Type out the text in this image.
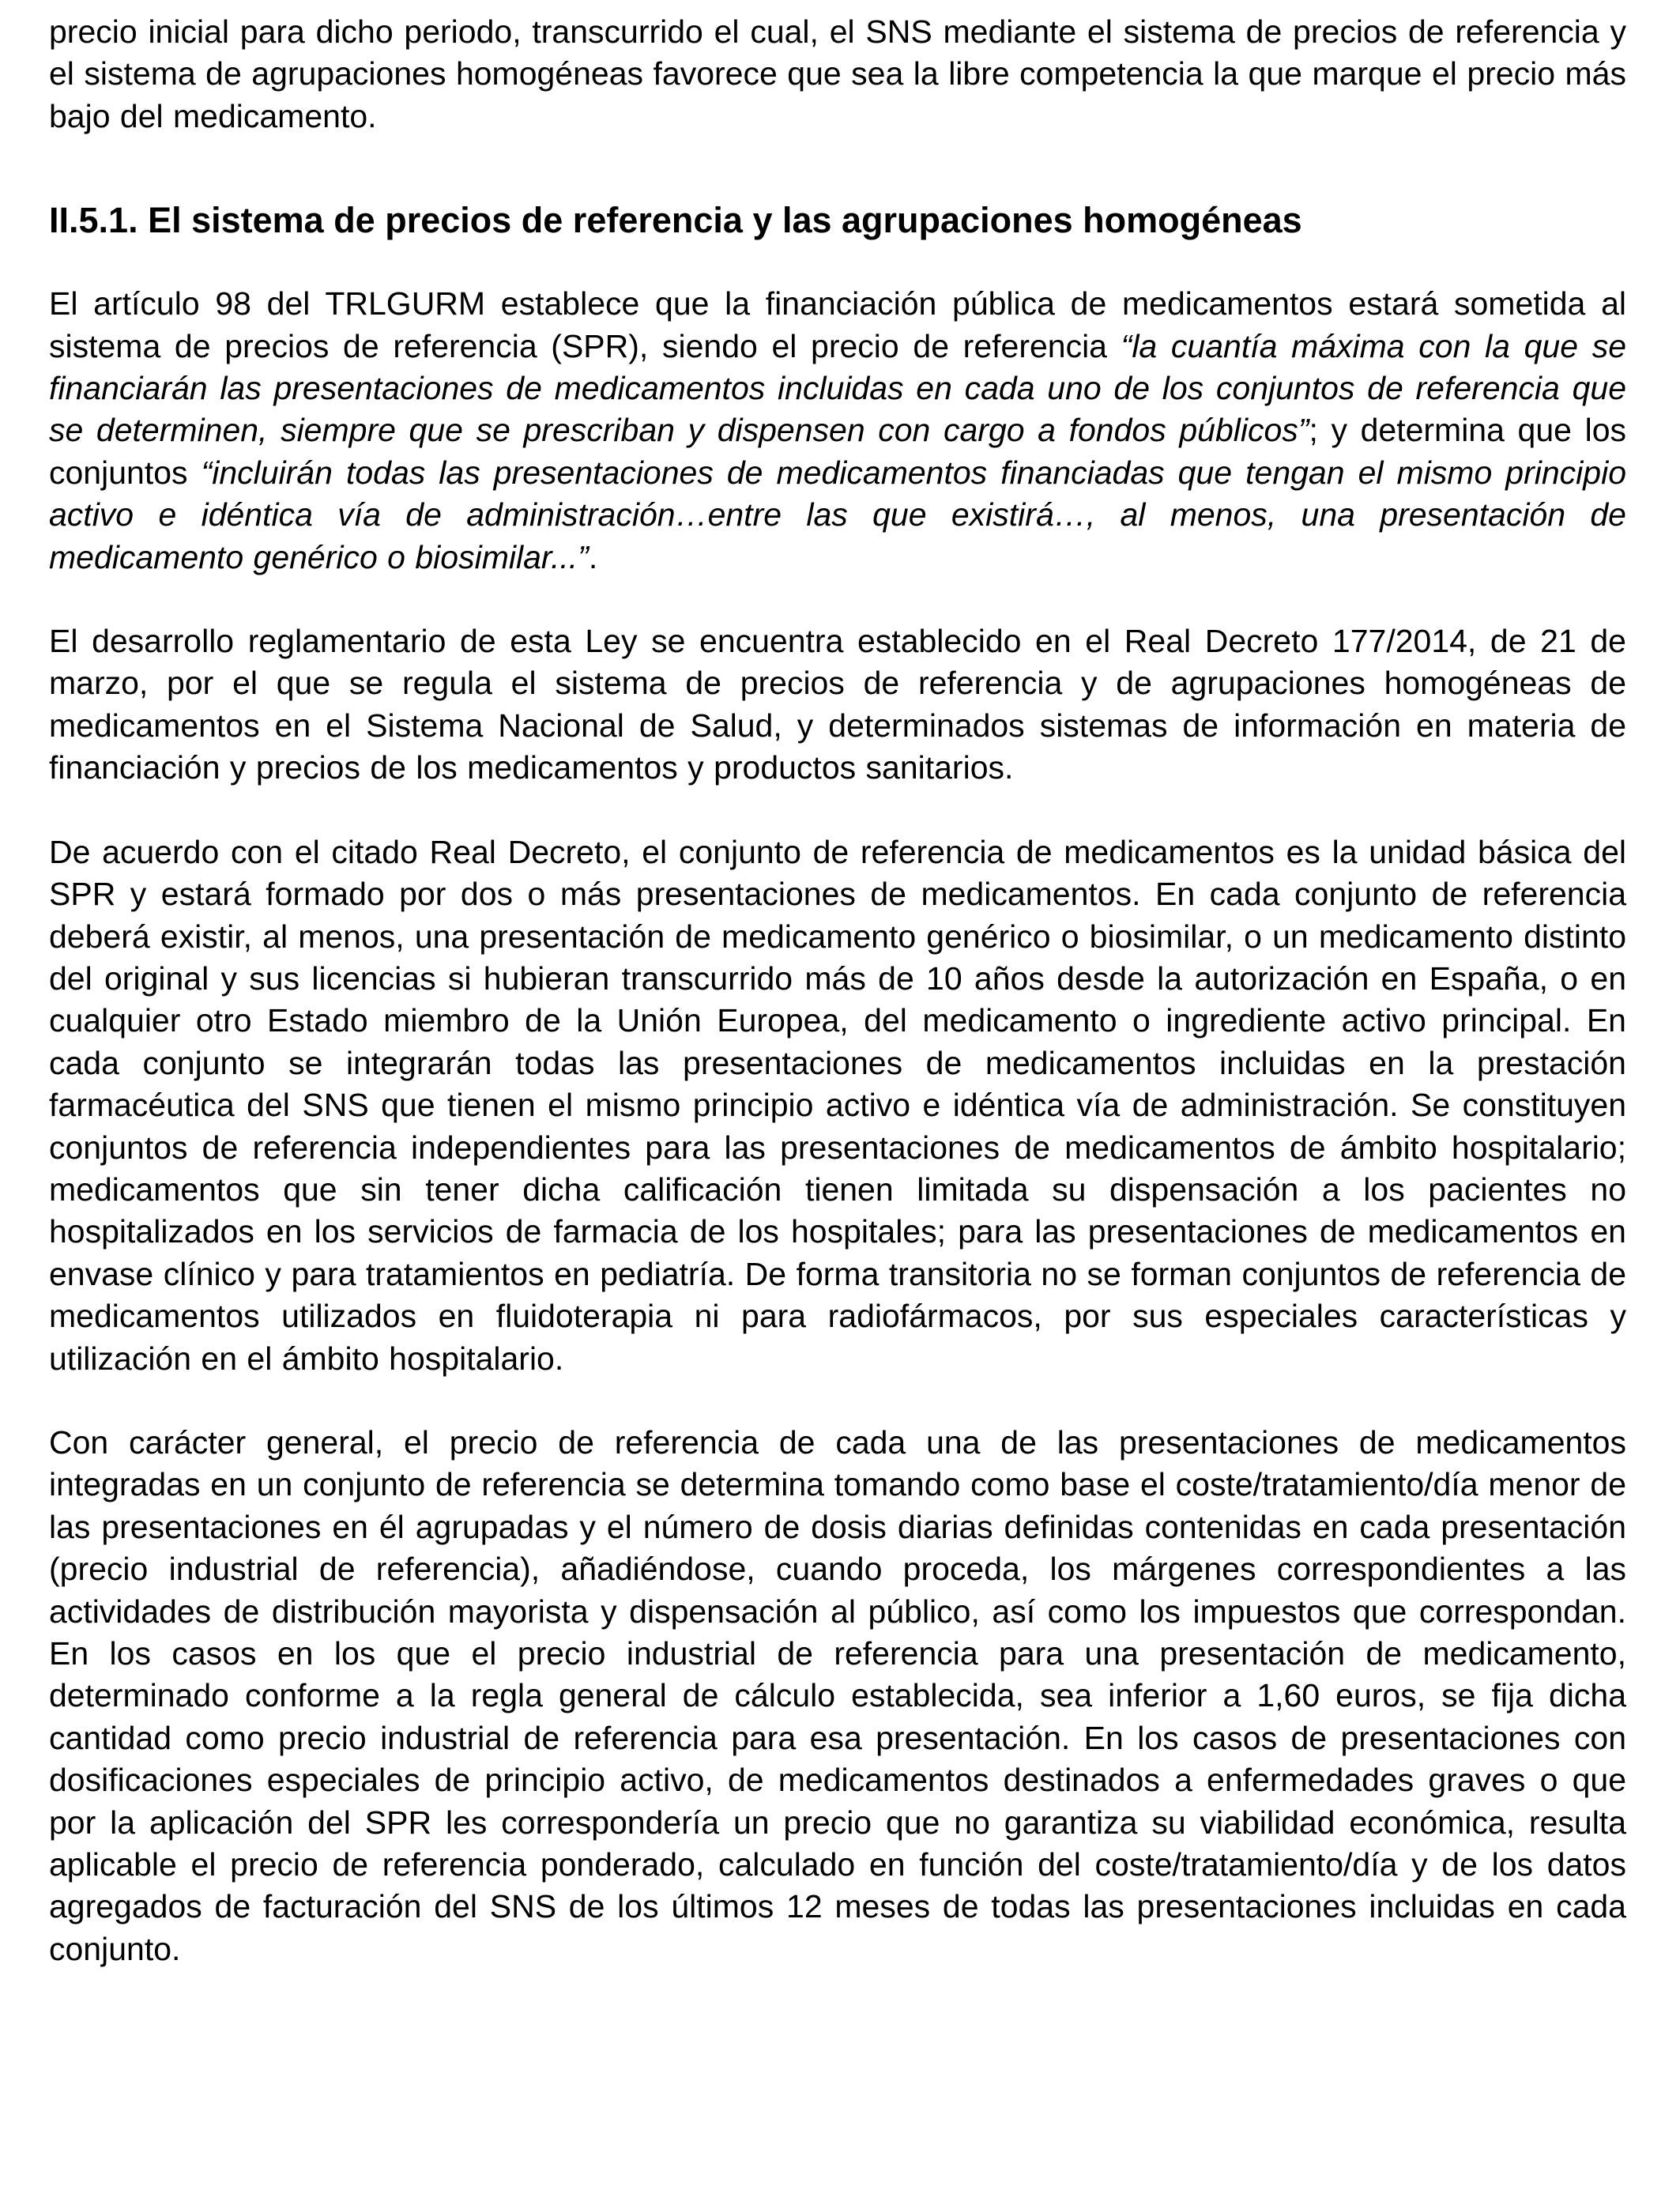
precio inicial para dicho periodo, transcurrido el cual, el SNS mediante el sistema de precios de referencia y el sistema de agrupaciones homogéneas favorece que sea la libre competencia la que marque el precio más bajo del medicamento.

II.5.1. El sistema de precios de referencia y las agrupaciones homogéneas

El artículo 98 del TRLGURM establece que la financiación pública de medicamentos estará sometida al sistema de precios de referencia (SPR), siendo el precio de referencia “la cuantía máxima con la que se financiarán las presentaciones de medicamentos incluidas en cada uno de los conjuntos de referencia que se determinen, siempre que se prescriban y dispensen con cargo a fondos públicos”; y determina que los conjuntos “incluirán todas las presentaciones de medicamentos financiadas que tengan el mismo principio activo e idéntica vía de administración…entre las que existirá…, al menos, una presentación de medicamento genérico o biosimilar...”.

El desarrollo reglamentario de esta Ley se encuentra establecido en el Real Decreto 177/2014, de 21 de marzo, por el que se regula el sistema de precios de referencia y de agrupaciones homogéneas de medicamentos en el Sistema Nacional de Salud, y determinados sistemas de información en materia de financiación y precios de los medicamentos y productos sanitarios.

De acuerdo con el citado Real Decreto, el conjunto de referencia de medicamentos es la unidad básica del SPR y estará formado por dos o más presentaciones de medicamentos. En cada conjunto de referencia deberá existir, al menos, una presentación de medicamento genérico o biosimilar, o un medicamento distinto del original y sus licencias si hubieran transcurrido más de 10 años desde la autorización en España, o en cualquier otro Estado miembro de la Unión Europea, del medicamento o ingrediente activo principal. En cada conjunto se integrarán todas las presentaciones de medicamentos incluidas en la prestación farmacéutica del SNS que tienen el mismo principio activo e idéntica vía de administración. Se constituyen conjuntos de referencia independientes para las presentaciones de medicamentos de ámbito hospitalario; medicamentos que sin tener dicha calificación tienen limitada su dispensación a los pacientes no hospitalizados en los servicios de farmacia de los hospitales; para las presentaciones de medicamentos en envase clínico y para tratamientos en pediatría. De forma transitoria no se forman conjuntos de referencia de medicamentos utilizados en fluidoterapia ni para radiofármacos, por sus especiales características y utilización en el ámbito hospitalario.

Con carácter general, el precio de referencia de cada una de las presentaciones de medicamentos integradas en un conjunto de referencia se determina tomando como base el coste/tratamiento/día menor de las presentaciones en él agrupadas y el número de dosis diarias definidas contenidas en cada presentación (precio industrial de referencia), añadiéndose, cuando proceda, los márgenes correspondientes a las actividades de distribución mayorista y dispensación al público, así como los impuestos que correspondan. En los casos en los que el precio industrial de referencia para una presentación de medicamento, determinado conforme a la regla general de cálculo establecida, sea inferior a 1,60 euros, se fija dicha cantidad como precio industrial de referencia para esa presentación. En los casos de presentaciones con dosificaciones especiales de principio activo, de medicamentos destinados a enfermedades graves o que por la aplicación del SPR les correspondería un precio que no garantiza su viabilidad económica, resulta aplicable el precio de referencia ponderado, calculado en función del coste/tratamiento/día y de los datos agregados de facturación del SNS de los últimos 12 meses de todas las presentaciones incluidas en cada conjunto.
